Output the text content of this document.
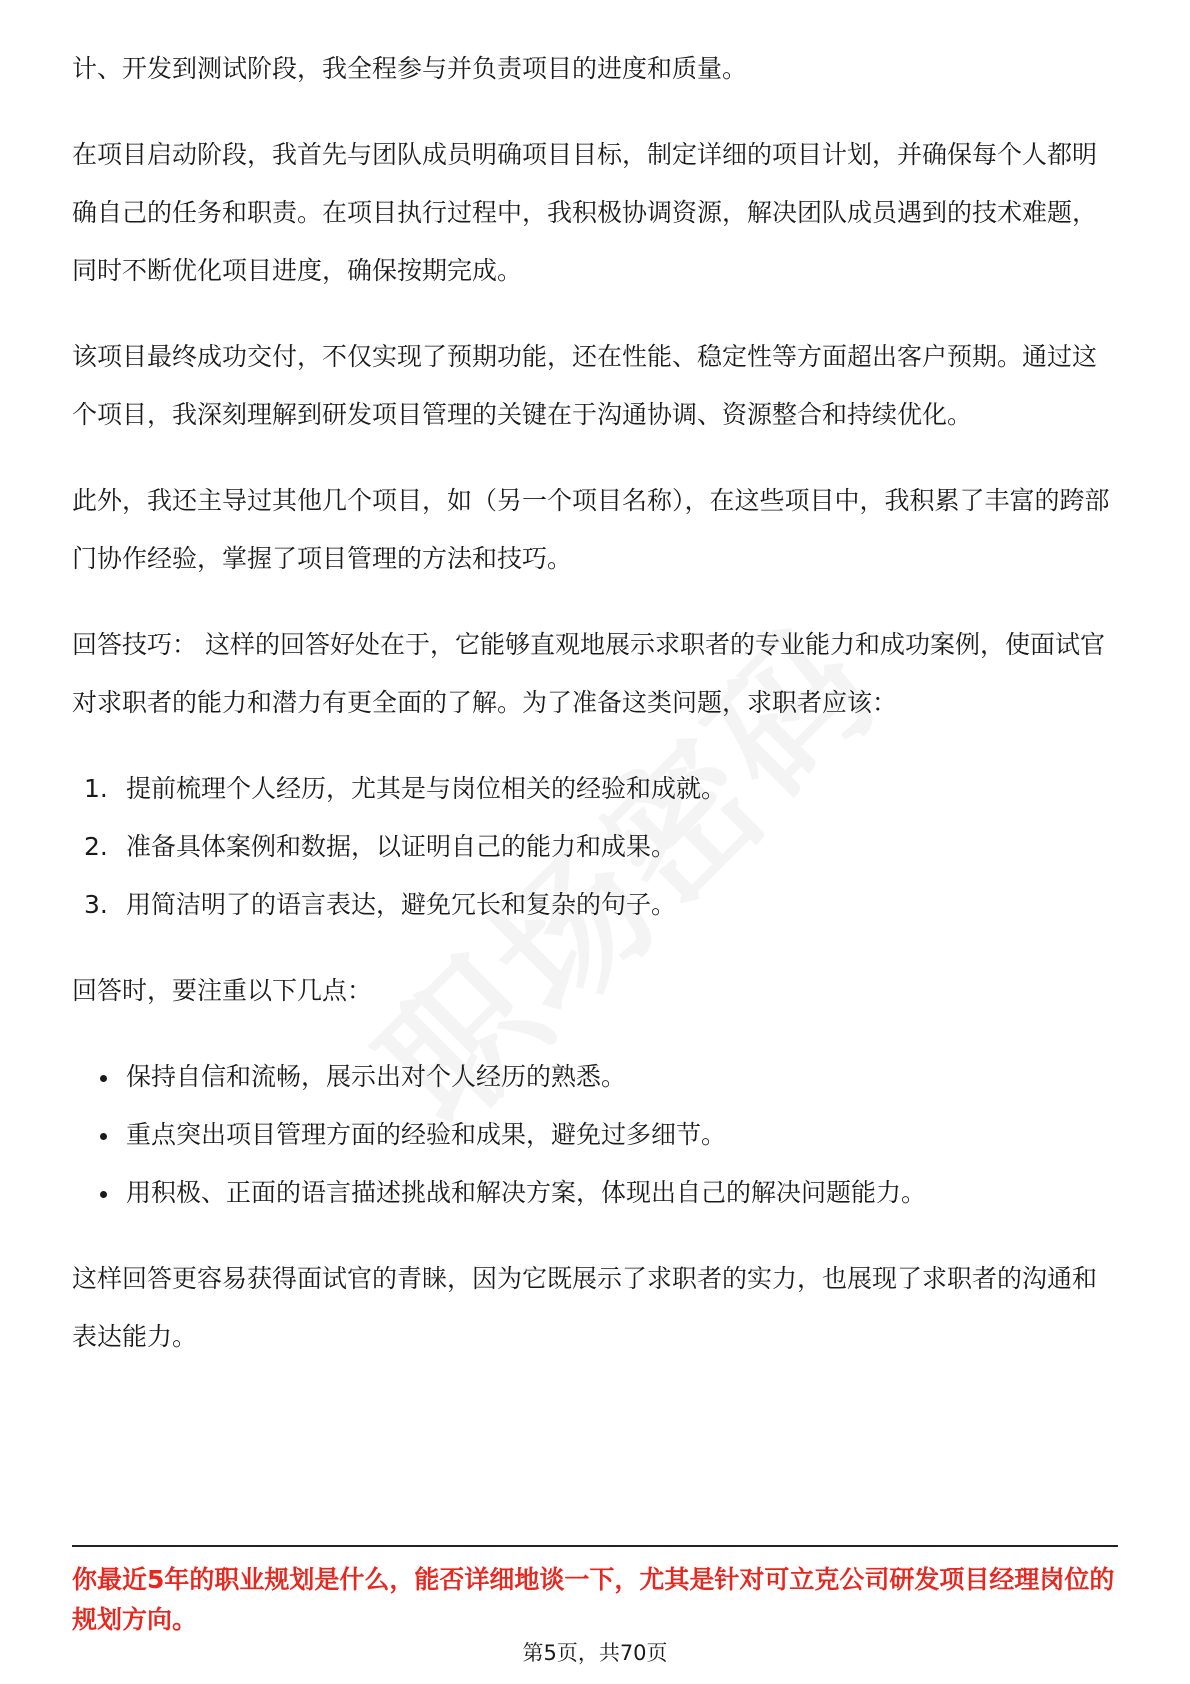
计、开发到测试阶段，我全程参与并负责项目的进度和质量。

在项目启动阶段，我首先与团队成员明确项目目标，制定详细的项目计划，并确保每个人都明确自己的任务和职责。在项目执行过程中，我积极协调资源，解决团队成员遇到的技术难题，同时不断优化项目进度，确保按期完成。

该项目最终成功交付，不仅实现了预期功能，还在性能、稳定性等方面超出客户预期。通过这个项目，我深刻理解到研发项目管理的关键在于沟通协调、资源整合和持续优化。

此外，我还主导过其他几个项目，如（另一个项目名称），在这些项目中，我积累了丰富的跨部门协作经验，掌握了项目管理的方法和技巧。

回答技巧： 这样的回答好处在于，它能够直观地展示求职者的专业能力和成功案例，使面试官对求职者的能力和潜力有更全面的了解。为了准备这类问题，求职者应该：

1. 提前梳理个人经历，尤其是与岗位相关的经验和成就。
2. 准备具体案例和数据，以证明自己的能力和成果。
3. 用简洁明了的语言表达，避免冗长和复杂的句子。

回答时，要注重以下几点：

保持自信和流畅，展示出对个人经历的熟悉。
重点突出项目管理方面的经验和成果，避免过多细节。
用积极、正面的语言描述挑战和解决方案，体现出自己的解决问题能力。

这样回答更容易获得面试官的青睐，因为它既展示了求职者的实力，也展现了求职者的沟通和表达能力。

你最近5年的职业规划是什么，能否详细地谈一下，尤其是针对可立克公司研发项目经理岗位的规划方向。
第5页，共70页
